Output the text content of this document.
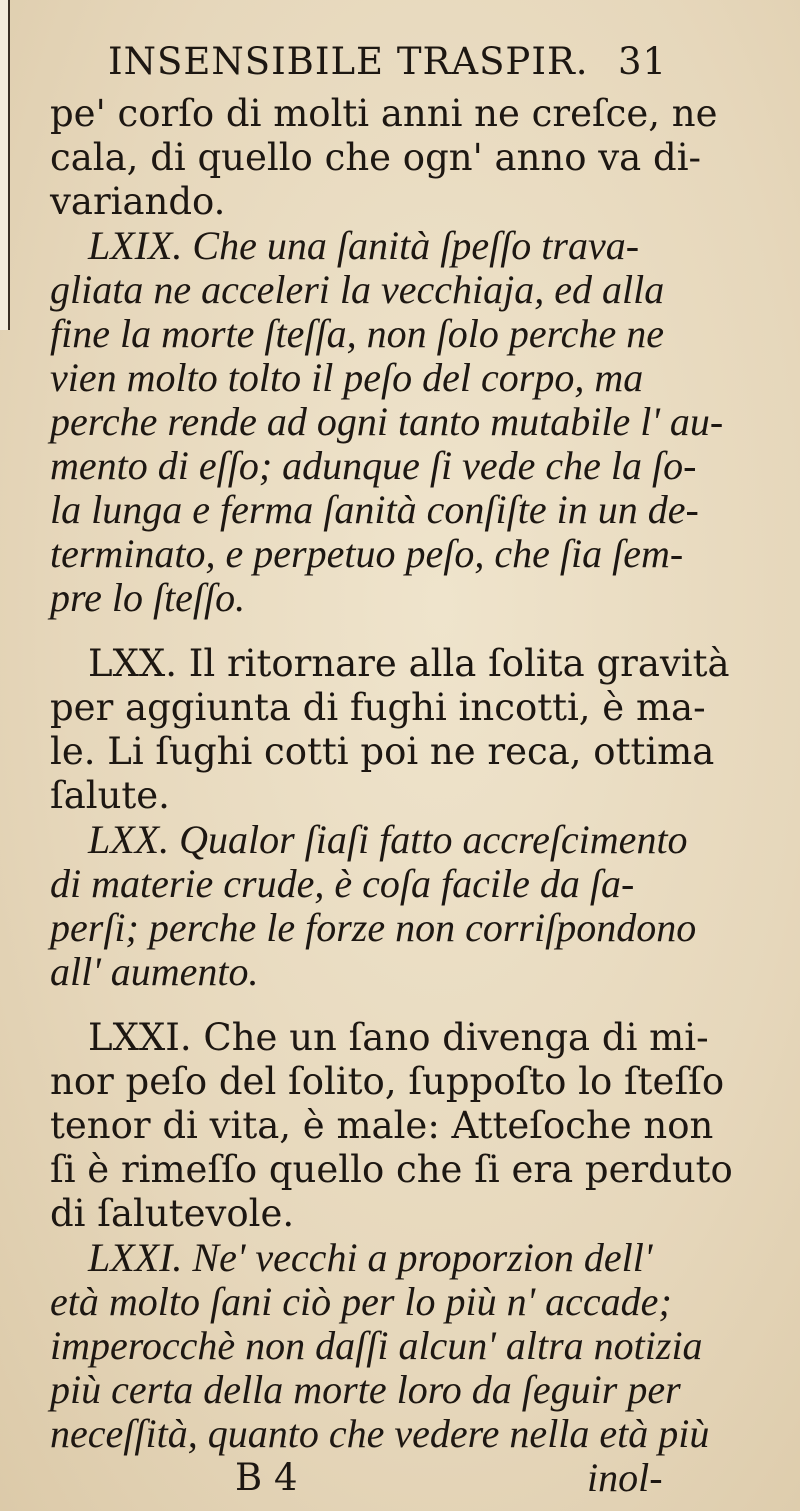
INSENSIBILE TRASPIR. 31
pe' corſo di molti anni ne creſce, ne
cala, di quello che ogn' anno va di-
variando.
LXIX. Che una ſanità ſpeſſo trava-
gliata ne acceleri la vecchiaja, ed alla
fine la morte ſteſſa, non ſolo perche ne
vien molto tolto il peſo del corpo, ma
perche rende ad ogni tanto mutabile l' au-
mento di eſſo; adunque ſi vede che la ſo-
la lunga e ferma ſanità conſiſte in un de-
terminato, e perpetuo peſo, che ſia ſem-
pre lo ſteſſo.
LXX. Il ritornare alla ſolita gravità
per aggiunta di fughi incotti, è ma-
le. Li ſughi cotti poi ne reca, ottima
ſalute.
LXX. Qualor ſiaſi fatto accreſcimento
di materie crude, è coſa facile da ſa-
perſi; perche le forze non corriſpondono
all' aumento.
LXXI. Che un ſano divenga di mi-
nor peſo del ſolito, ſuppoſto lo ſteſſo
tenor di vita, è male: Atteſoche non
ſi è rimeſſo quello che ſi era perduto
di ſalutevole.
LXXI. Ne' vecchi a proporzion dell'
età molto ſani ciò per lo più n' accade;
imperocchè non daſſi alcun' altra notizia
più certa della morte loro da ſeguir per
neceſſità, quanto che vedere nella età più
B 4	inol-
